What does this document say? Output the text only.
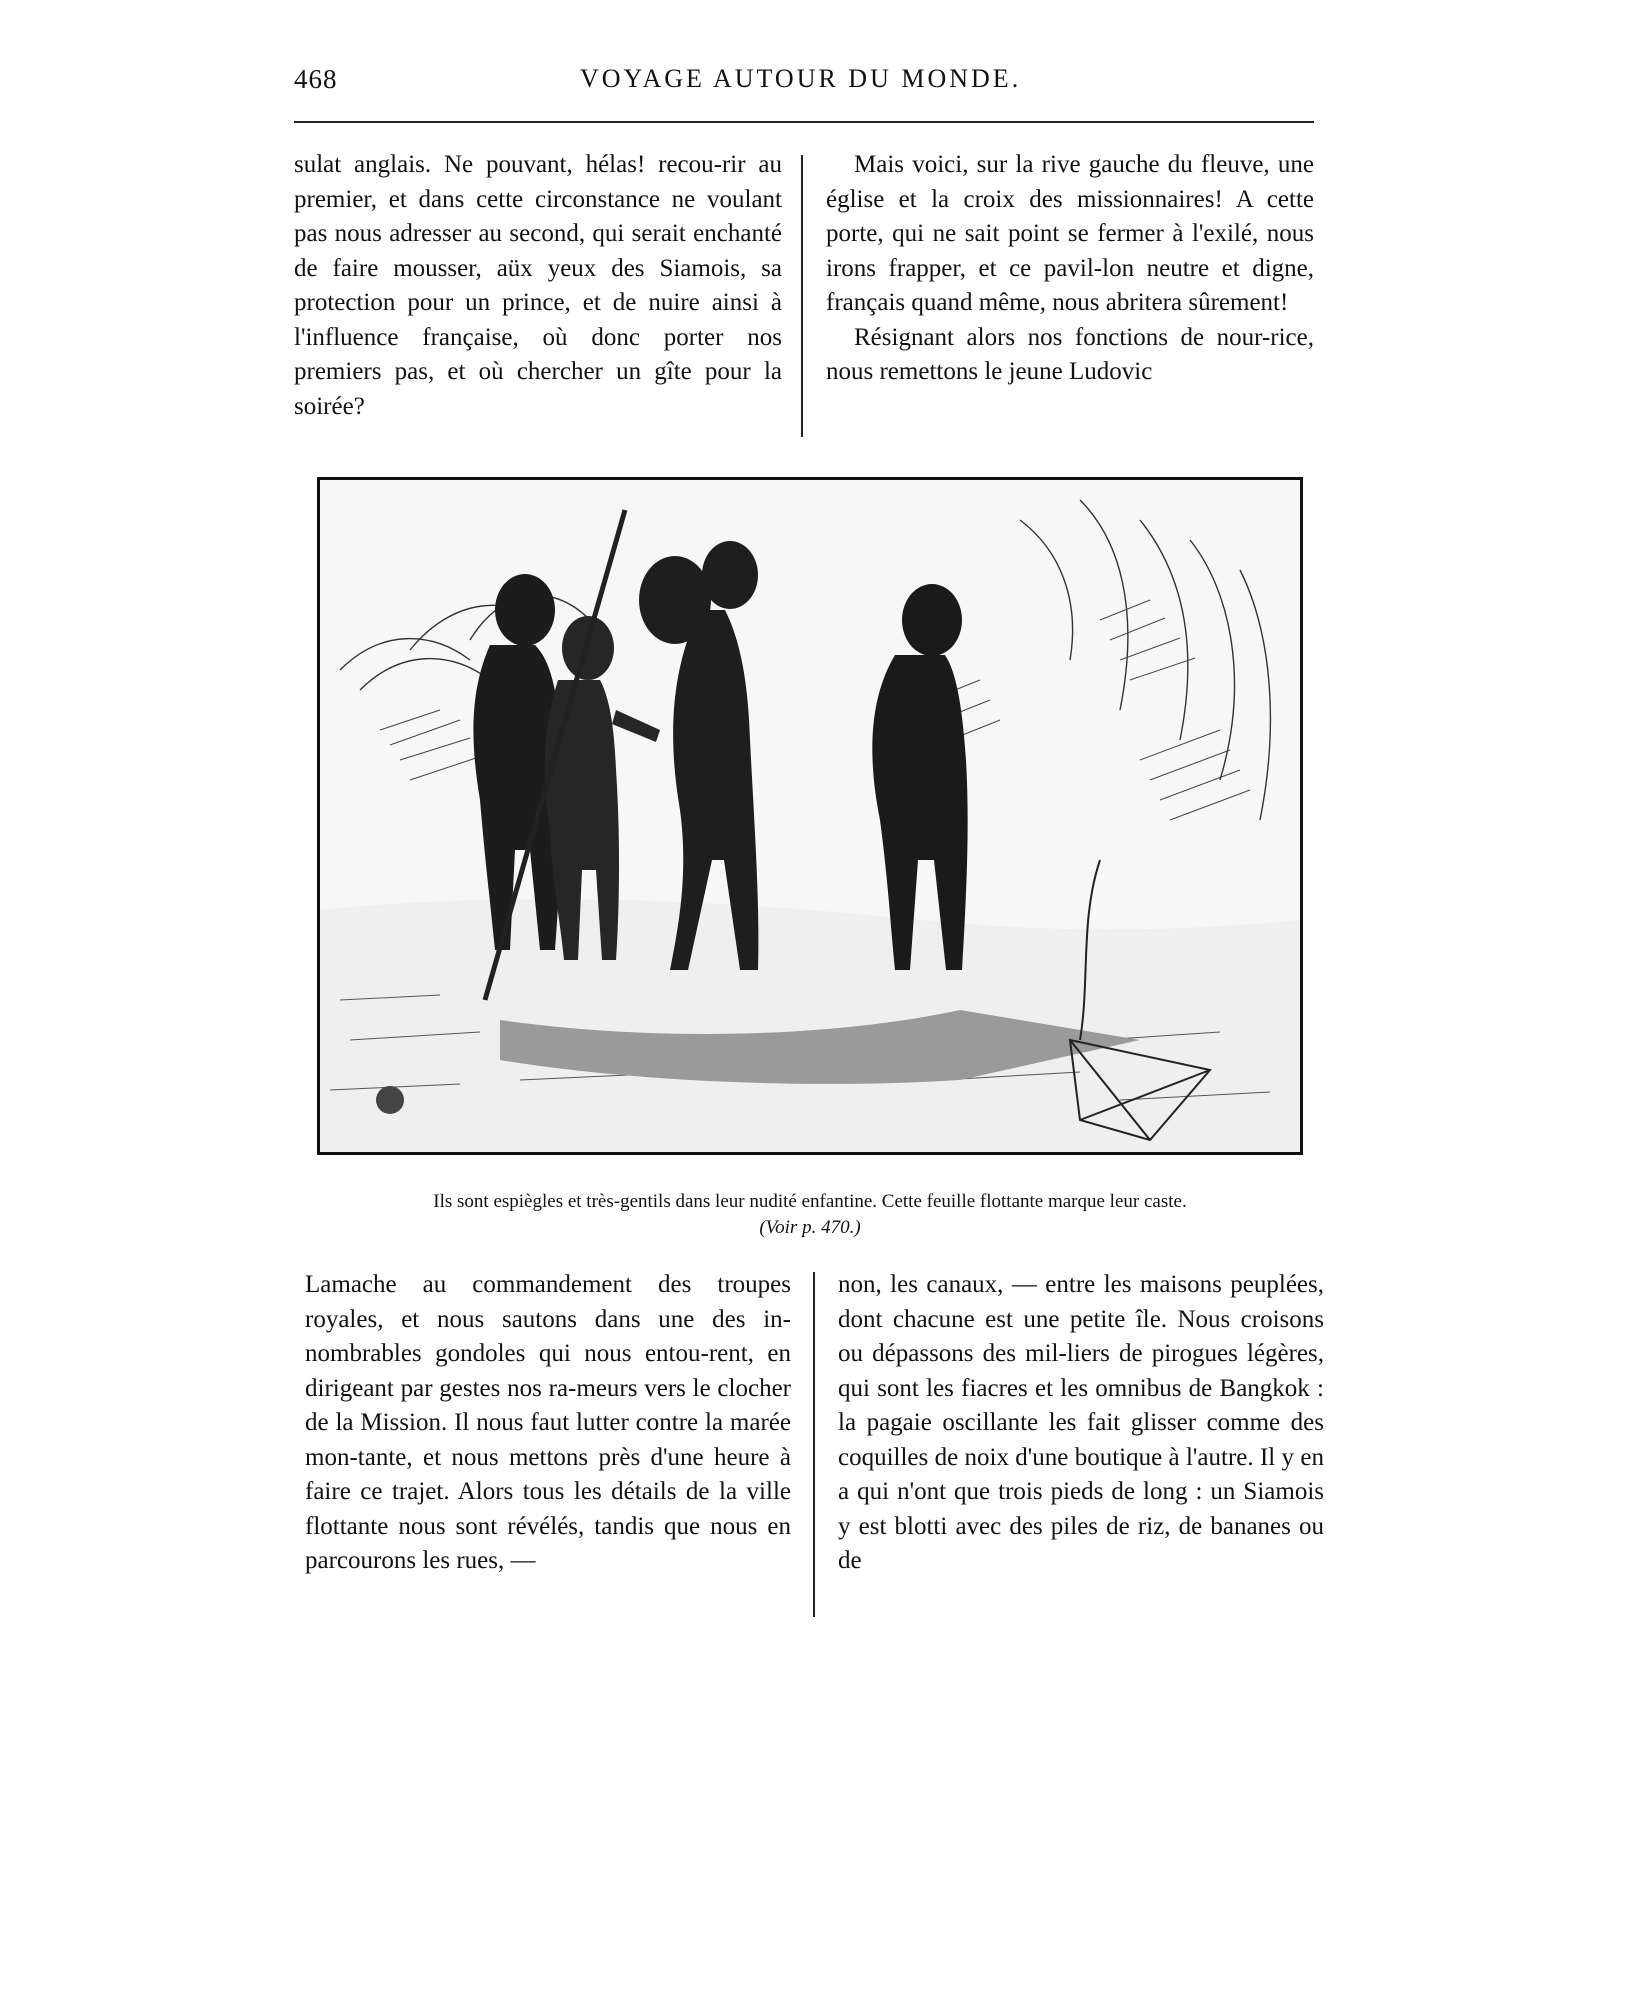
468	VOYAGE AUTOUR DU MONDE.

sulat anglais. Ne pouvant, hélas! recou-rir au premier, et dans cette circonstance ne voulant pas nous adresser au second, qui serait enchanté de faire mousser, aüx yeux des Siamois, sa protection pour un prince, et de nuire ainsi à l'influence française, où donc porter nos premiers pas, et où chercher un gîte pour la soirée?

Mais voici, sur la rive gauche du fleuve, une église et la croix des missionnaires! A cette porte, qui ne sait point se fermer à l'exilé, nous irons frapper, et ce pavil-lon neutre et digne, français quand même, nous abritera sûrement!

Résignant alors nos fonctions de nour-rice, nous remettons le jeune Ludovic

Ils sont espiègles et très-gentils dans leur nudité enfantine. Cette feuille flottante marque leur caste.
(Voir p. 470.)

Lamache au commandement des troupes royales, et nous sautons dans une des in-nombrables gondoles qui nous entou-rent, en dirigeant par gestes nos ra-meurs vers le clocher de la Mission. Il nous faut lutter contre la marée mon-tante, et nous mettons près d'une heure à faire ce trajet. Alors tous les détails de la ville flottante nous sont révélés, tandis que nous en parcourons les rues, —

non, les canaux, — entre les maisons peuplées, dont chacune est une petite île. Nous croisons ou dépassons des mil-liers de pirogues légères, qui sont les fiacres et les omnibus de Bangkok : la pagaie oscillante les fait glisser comme des coquilles de noix d'une boutique à l'autre. Il y en a qui n'ont que trois pieds de long : un Siamois y est blotti avec des piles de riz, de bananes ou de
